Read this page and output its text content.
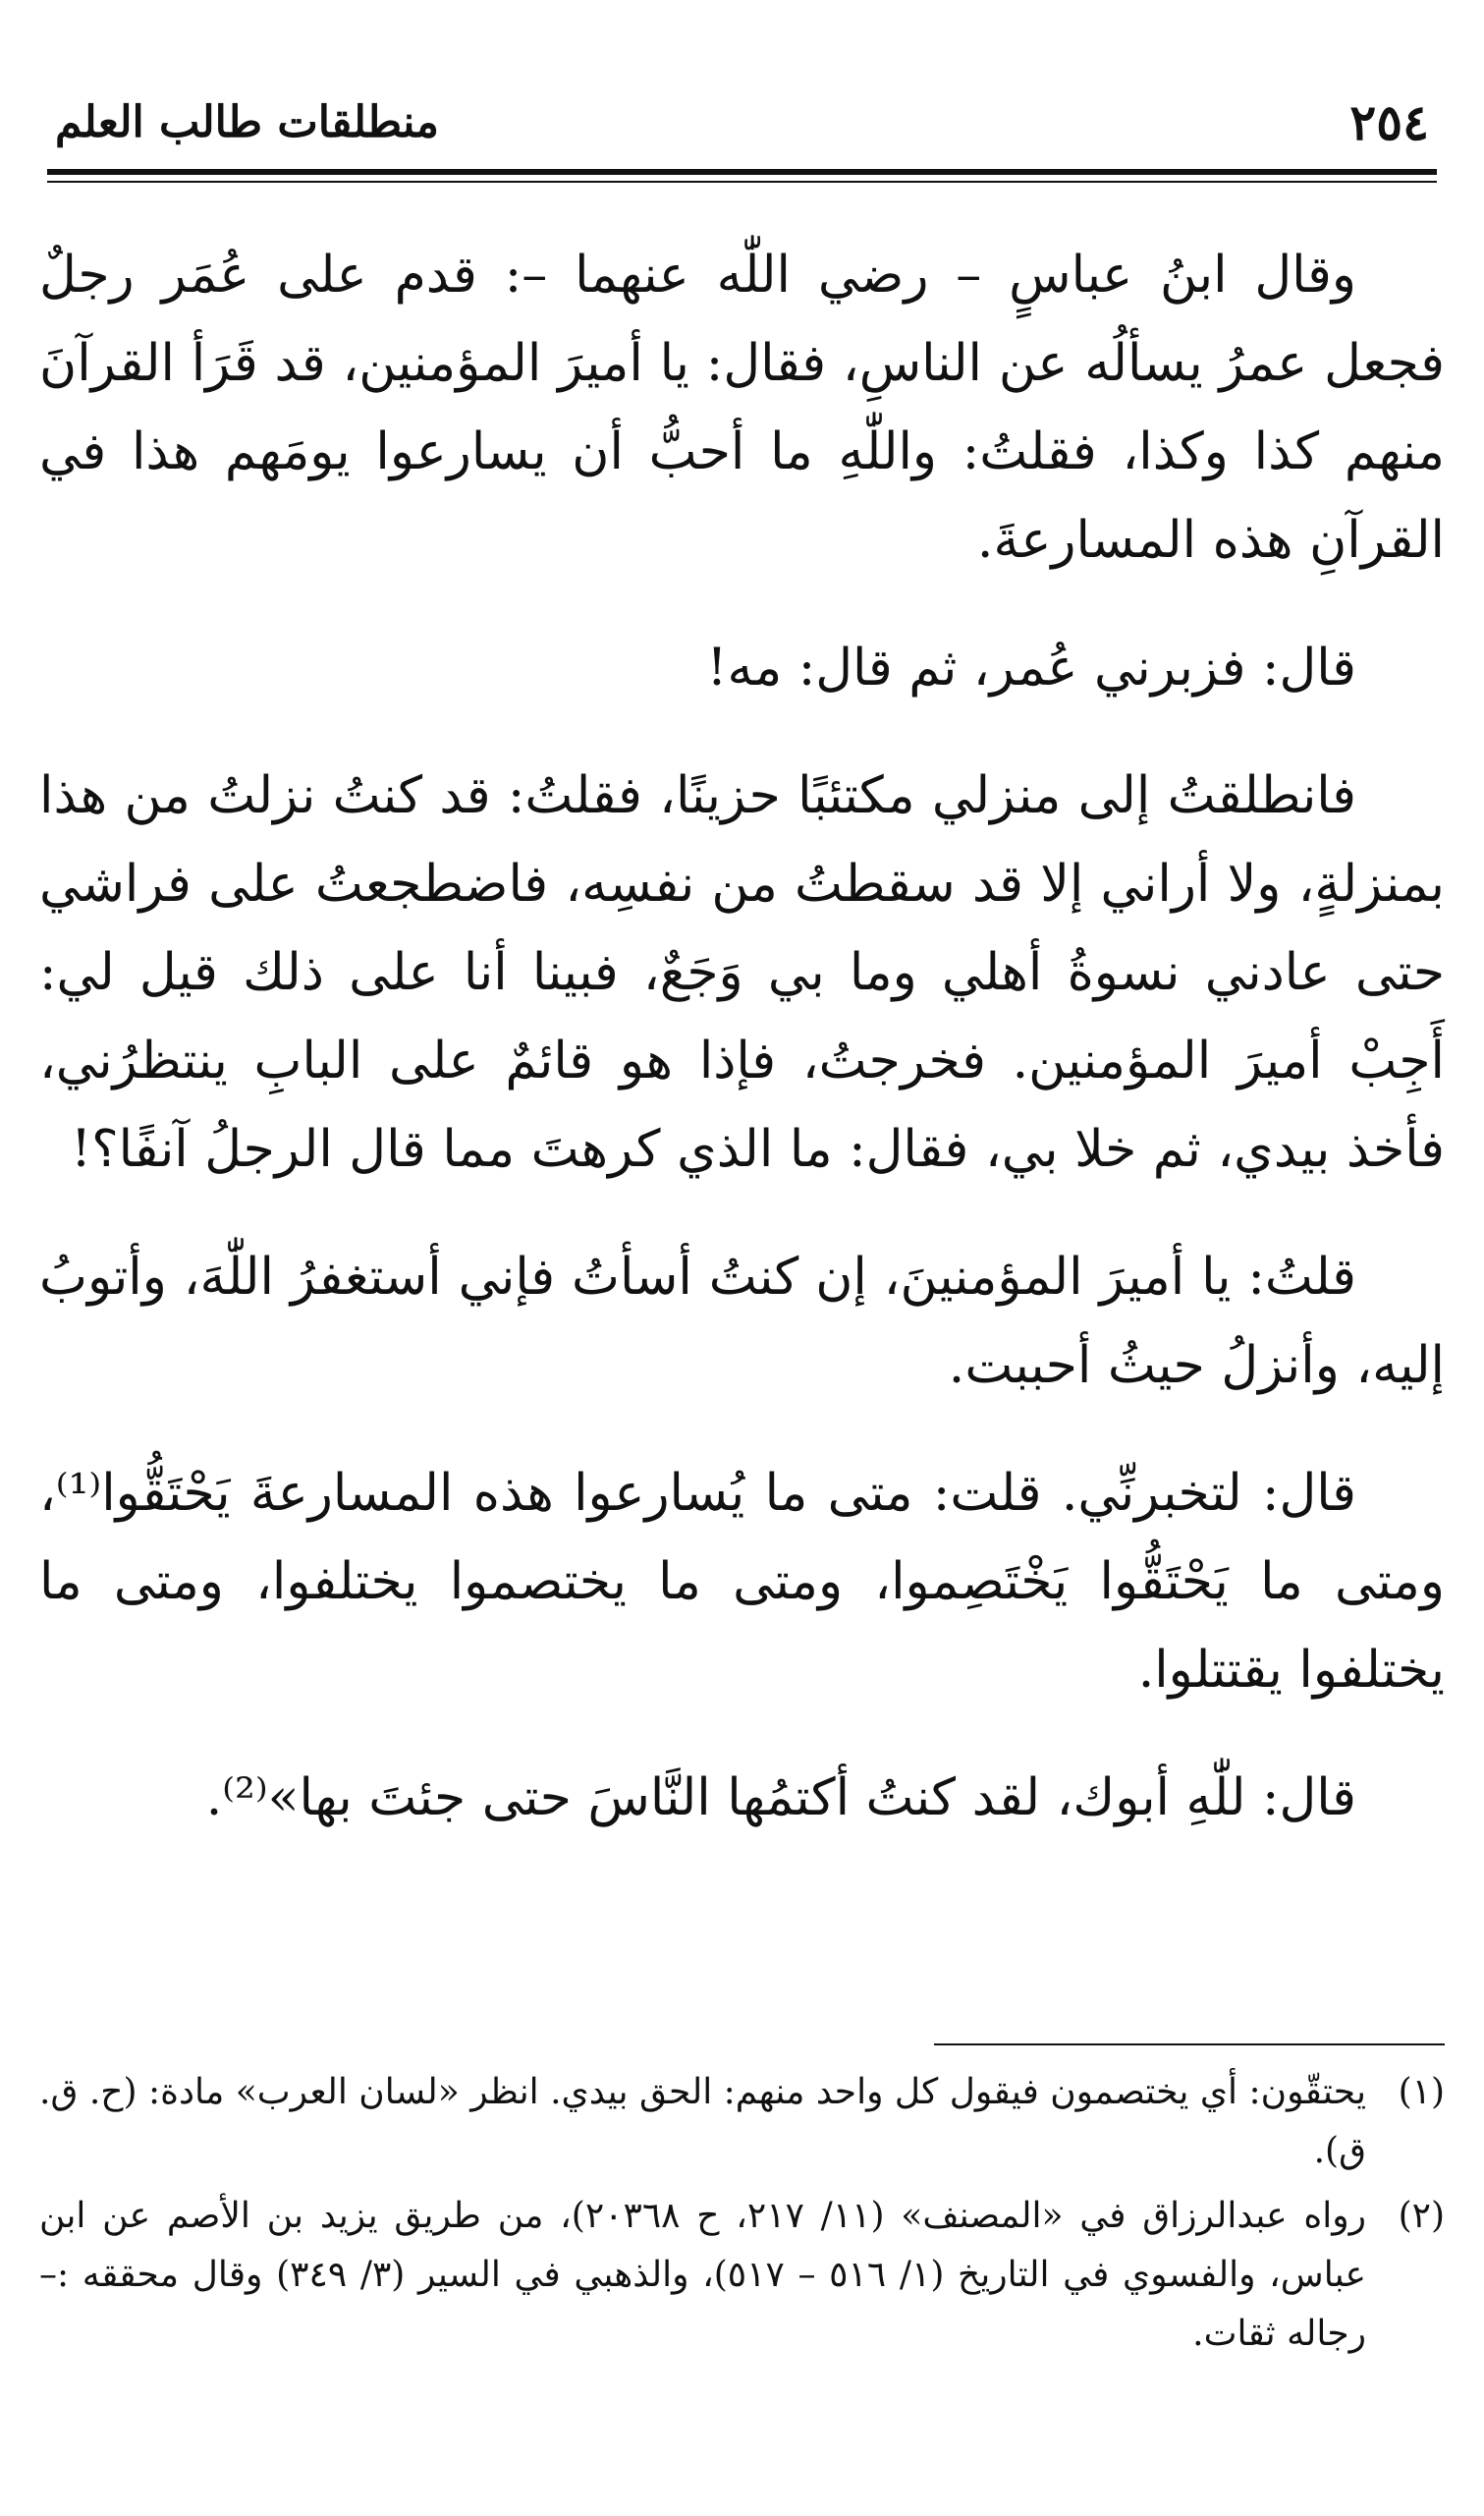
٢٥٤
منطلقات طالب العلم

وقال ابنُ عباسٍ – رضي اللّٰه عنهما –: قدم على عُمَر رجلٌ فجعل عمرُ يسألُه عن الناسِ، فقال: يا أميرَ المؤمنين، قد قَرَأ القرآنَ منهم كذا وكذا، فقلتُ: واللّٰهِ ما أحبُّ أن يسارعوا يومَهم هذا في القرآنِ هذه المسارعةَ.

قال: فزبرني عُمر، ثم قال: مه!

فانطلقتُ إلى منزلي مكتئبًا حزينًا، فقلتُ: قد كنتُ نزلتُ من هذا بمنزلةٍ، ولا أراني إلا قد سقطتُ من نفسِه، فاضطجعتُ على فراشي حتى عادني نسوةُ أهلي وما بي وَجَعٌ، فبينا أنا على ذلك قيل لي: أَجِبْ أميرَ المؤمنين. فخرجتُ، فإذا هو قائمٌ على البابِ ينتظرُني، فأخذ بيدي، ثم خلا بي، فقال: ما الذي كرهتَ مما قال الرجلُ آنفًا؟!

قلتُ: يا أميرَ المؤمنينَ، إن كنتُ أسأتُ فإني أستغفرُ اللّٰهَ، وأتوبُ إليه، وأنزلُ حيثُ أحببت.

قال: لتخبرنِّي. قلت: متى ما يُسارعوا هذه المسارعةَ يَحْتَقُّوا⁽¹⁾، ومتى ما يَحْتَقُّوا يَخْتَصِموا، ومتى ما يختصموا يختلفوا، ومتى ما يختلفوا يقتتلوا.

قال: للّٰهِ أبوك، لقد كنتُ أكتمُها النَّاسَ حتى جئتَ بها»⁽²⁾.

(١)
يحتقّون: أي يختصمون فيقول كل واحد منهم: الحق بيدي. انظر «لسان العرب» مادة: (ح. ق. ق).
(٢)
رواه عبدالرزاق في «المصنف» (١١/ ٢١٧، ح ٢٠٣٦٨)، من طريق يزيد بن الأصم عن ابن عباس، والفسوي في التاريخ (١/ ٥١٦ – ٥١٧)، والذهبي في السير (٣/ ٣٤٩) وقال محققه :– رجاله ثقات.
